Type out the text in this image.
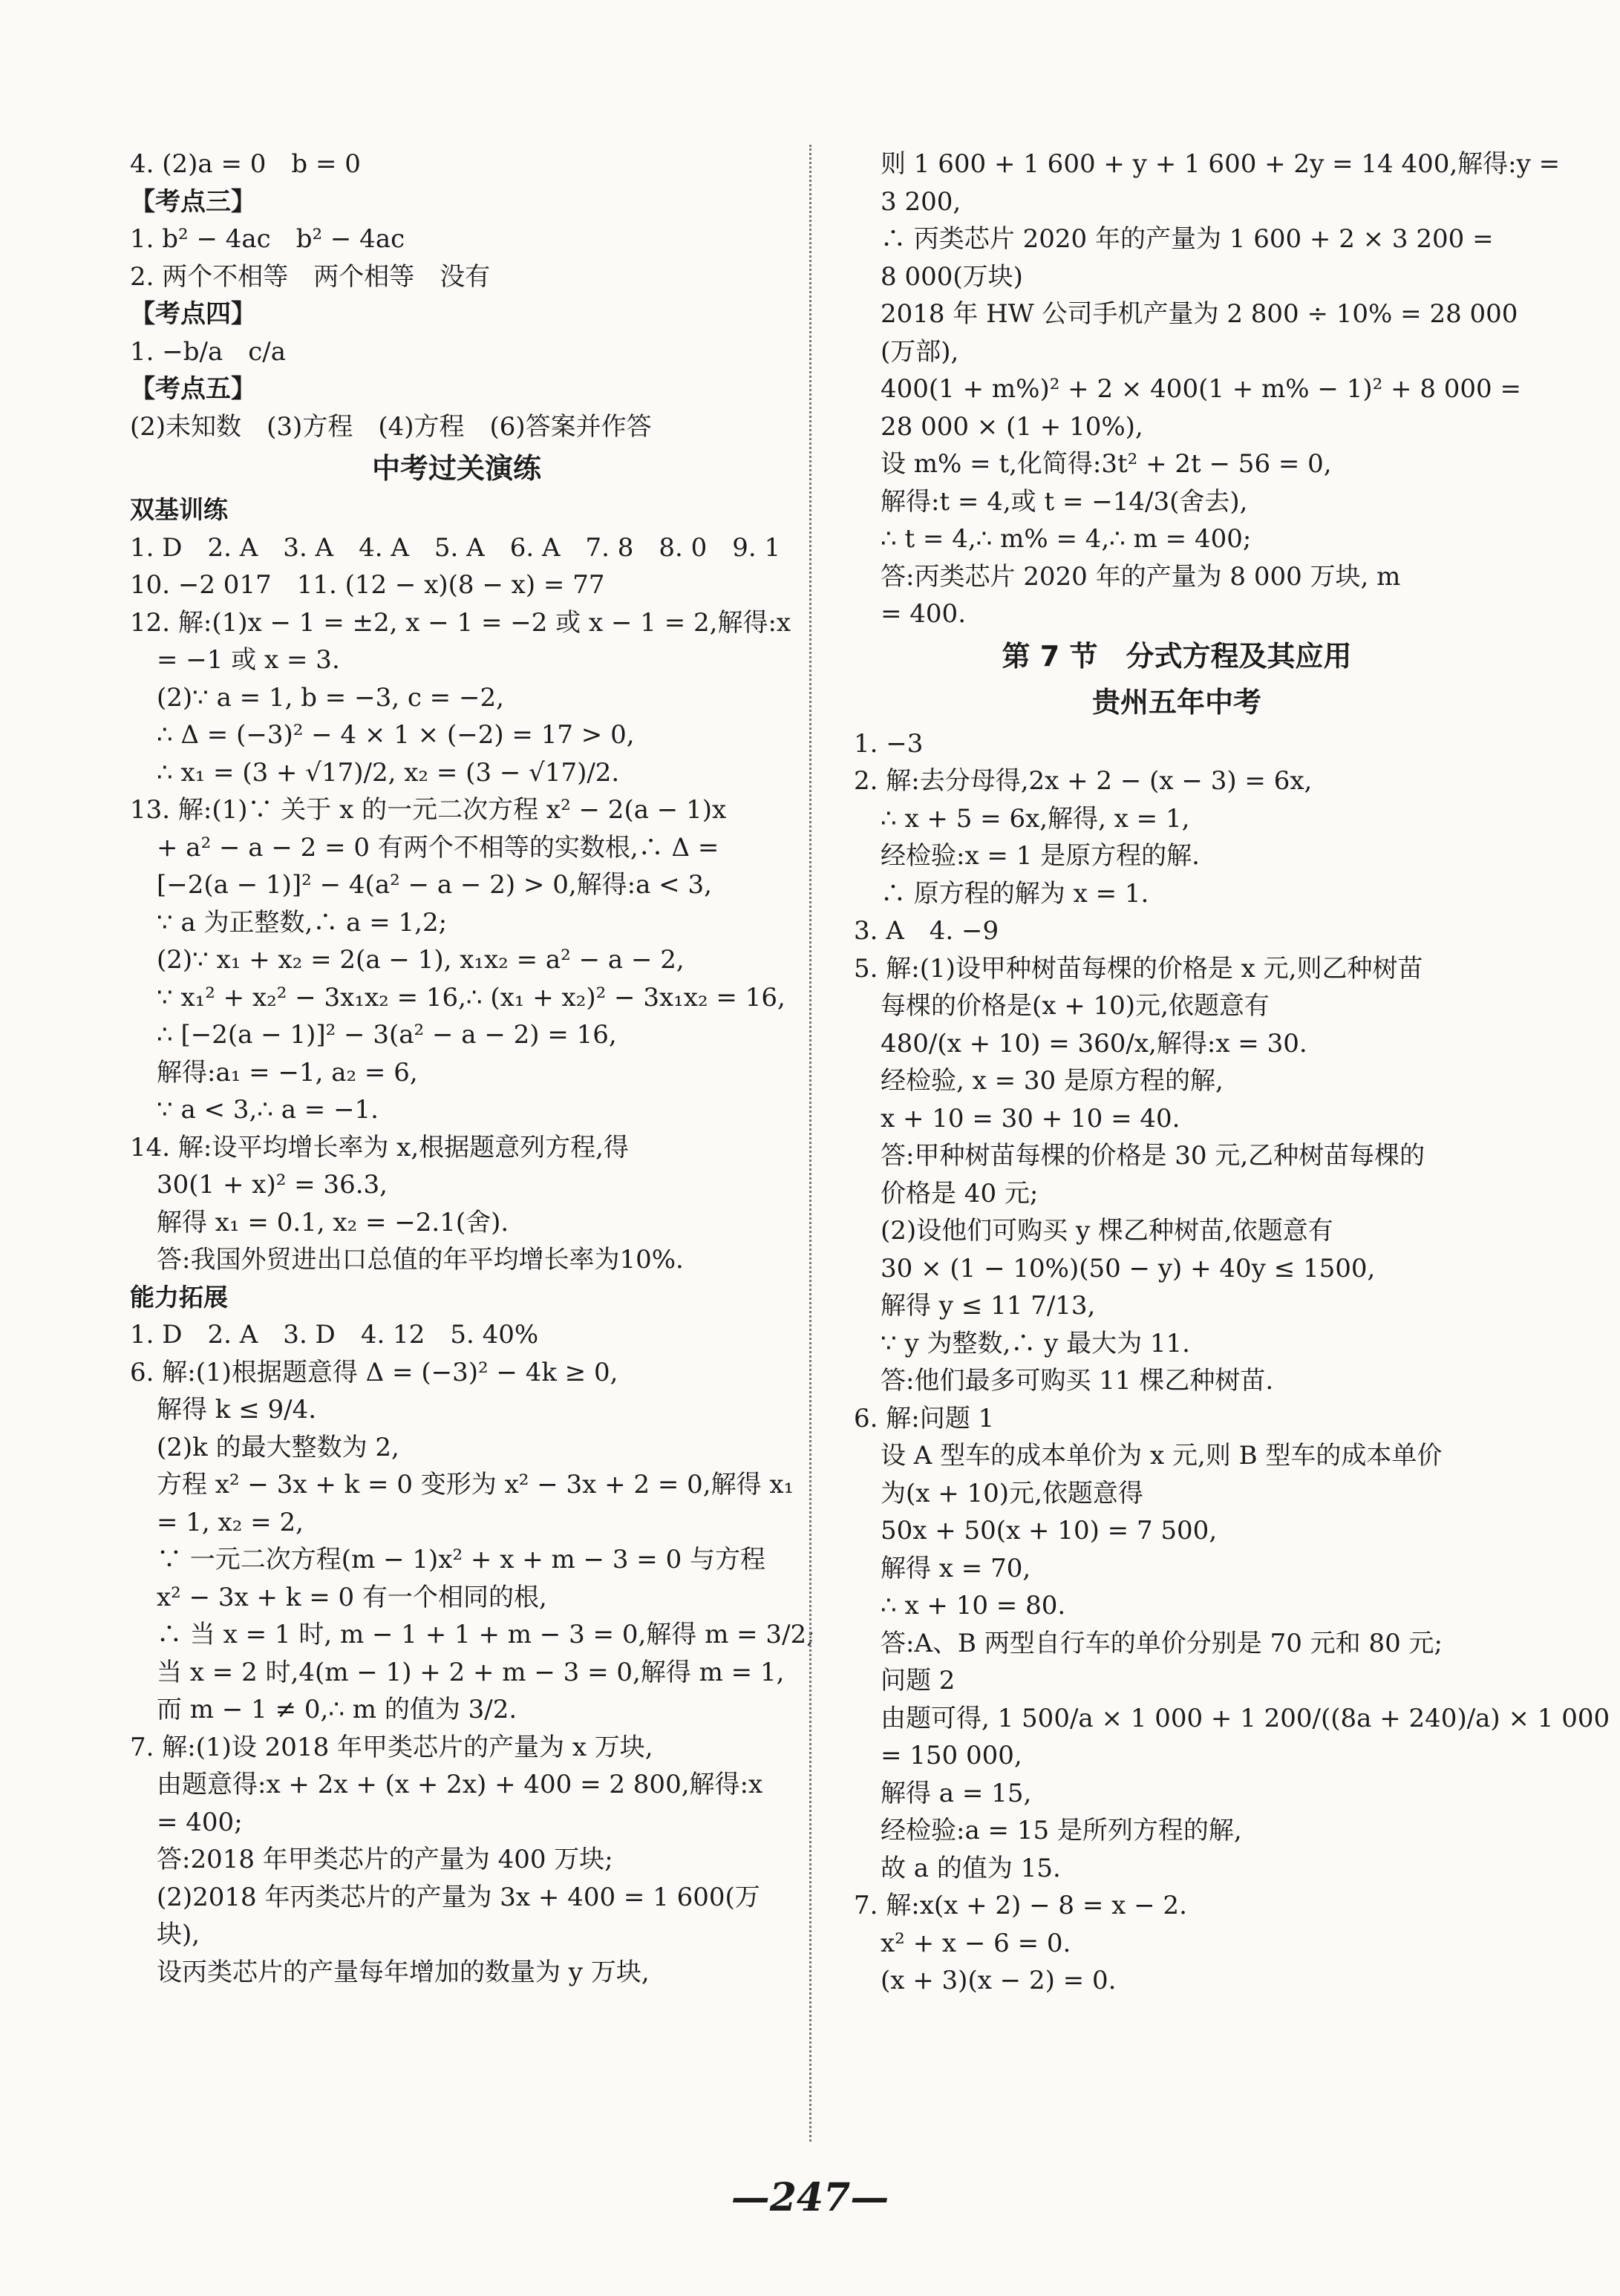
4. (2)a = 0　b = 0
【考点三】
1. b² − 4ac　b² − 4ac
2. 两个不相等　两个相等　没有
【考点四】
1. −b/a　c/a
【考点五】
(2)未知数　(3)方程　(4)方程　(6)答案并作答
中考过关演练
双基训练
1. D　2. A　3. A　4. A　5. A　6. A　7. 8　8. 0　9. 1
10. −2 017　11. (12 − x)(8 − x) = 77
12. 解:(1)x − 1 = ±2, x − 1 = −2 或 x − 1 = 2,解得:x
= −1 或 x = 3.
(2)∵ a = 1, b = −3, c = −2,
∴ Δ = (−3)² − 4 × 1 × (−2) = 17 > 0,
∴ x₁ = (3 + √17)/2, x₂ = (3 − √17)/2.
13. 解:(1)∵ 关于 x 的一元二次方程 x² − 2(a − 1)x
+ a² − a − 2 = 0 有两个不相等的实数根,∴ Δ =
[−2(a − 1)]² − 4(a² − a − 2) > 0,解得:a < 3,
∵ a 为正整数,∴ a = 1,2;
(2)∵ x₁ + x₂ = 2(a − 1), x₁x₂ = a² − a − 2,
∵ x₁² + x₂² − 3x₁x₂ = 16,∴ (x₁ + x₂)² − 3x₁x₂ = 16,
∴ [−2(a − 1)]² − 3(a² − a − 2) = 16,
解得:a₁ = −1, a₂ = 6,
∵ a < 3,∴ a = −1.
14. 解:设平均增长率为 x,根据题意列方程,得
30(1 + x)² = 36.3,
解得 x₁ = 0.1, x₂ = −2.1(舍).
答:我国外贸进出口总值的年平均增长率为10%.
能力拓展
1. D　2. A　3. D　4. 12　5. 40%
6. 解:(1)根据题意得 Δ = (−3)² − 4k ≥ 0,
解得 k ≤ 9/4.
(2)k 的最大整数为 2,
方程 x² − 3x + k = 0 变形为 x² − 3x + 2 = 0,解得 x₁
= 1, x₂ = 2,
∵ 一元二次方程(m − 1)x² + x + m − 3 = 0 与方程
x² − 3x + k = 0 有一个相同的根,
∴ 当 x = 1 时, m − 1 + 1 + m − 3 = 0,解得 m = 3/2;
当 x = 2 时,4(m − 1) + 2 + m − 3 = 0,解得 m = 1,
而 m − 1 ≠ 0,∴ m 的值为 3/2.
7. 解:(1)设 2018 年甲类芯片的产量为 x 万块,
由题意得:x + 2x + (x + 2x) + 400 = 2 800,解得:x
= 400;
答:2018 年甲类芯片的产量为 400 万块;
(2)2018 年丙类芯片的产量为 3x + 400 = 1 600(万
块),
设丙类芯片的产量每年增加的数量为 y 万块,
则 1 600 + 1 600 + y + 1 600 + 2y = 14 400,解得:y =
3 200,
∴ 丙类芯片 2020 年的产量为 1 600 + 2 × 3 200 =
8 000(万块)
2018 年 HW 公司手机产量为 2 800 ÷ 10% = 28 000
(万部),
400(1 + m%)² + 2 × 400(1 + m% − 1)² + 8 000 =
28 000 × (1 + 10%),
设 m% = t,化简得:3t² + 2t − 56 = 0,
解得:t = 4,或 t = −14/3(舍去),
∴ t = 4,∴ m% = 4,∴ m = 400;
答:丙类芯片 2020 年的产量为 8 000 万块, m
= 400.
第 7 节　分式方程及其应用
贵州五年中考
1. −3
2. 解:去分母得,2x + 2 − (x − 3) = 6x,
∴ x + 5 = 6x,解得, x = 1,
经检验:x = 1 是原方程的解.
∴ 原方程的解为 x = 1.
3. A　4. −9
5. 解:(1)设甲种树苗每棵的价格是 x 元,则乙种树苗
每棵的价格是(x + 10)元,依题意有
480/(x + 10) = 360/x,解得:x = 30.
经检验, x = 30 是原方程的解,
x + 10 = 30 + 10 = 40.
答:甲种树苗每棵的价格是 30 元,乙种树苗每棵的
价格是 40 元;
(2)设他们可购买 y 棵乙种树苗,依题意有
30 × (1 − 10%)(50 − y) + 40y ≤ 1500,
解得 y ≤ 11 7/13,
∵ y 为整数,∴ y 最大为 11.
答:他们最多可购买 11 棵乙种树苗.
6. 解:问题 1
设 A 型车的成本单价为 x 元,则 B 型车的成本单价
为(x + 10)元,依题意得
50x + 50(x + 10) = 7 500,
解得 x = 70,
∴ x + 10 = 80.
答:A、B 两型自行车的单价分别是 70 元和 80 元;
问题 2
由题可得, 1 500/a × 1 000 + 1 200/((8a + 240)/a) × 1 000
= 150 000,
解得 a = 15,
经检验:a = 15 是所列方程的解,
故 a 的值为 15.
7. 解:x(x + 2) − 8 = x − 2.
x² + x − 6 = 0.
(x + 3)(x − 2) = 0.
—247—
